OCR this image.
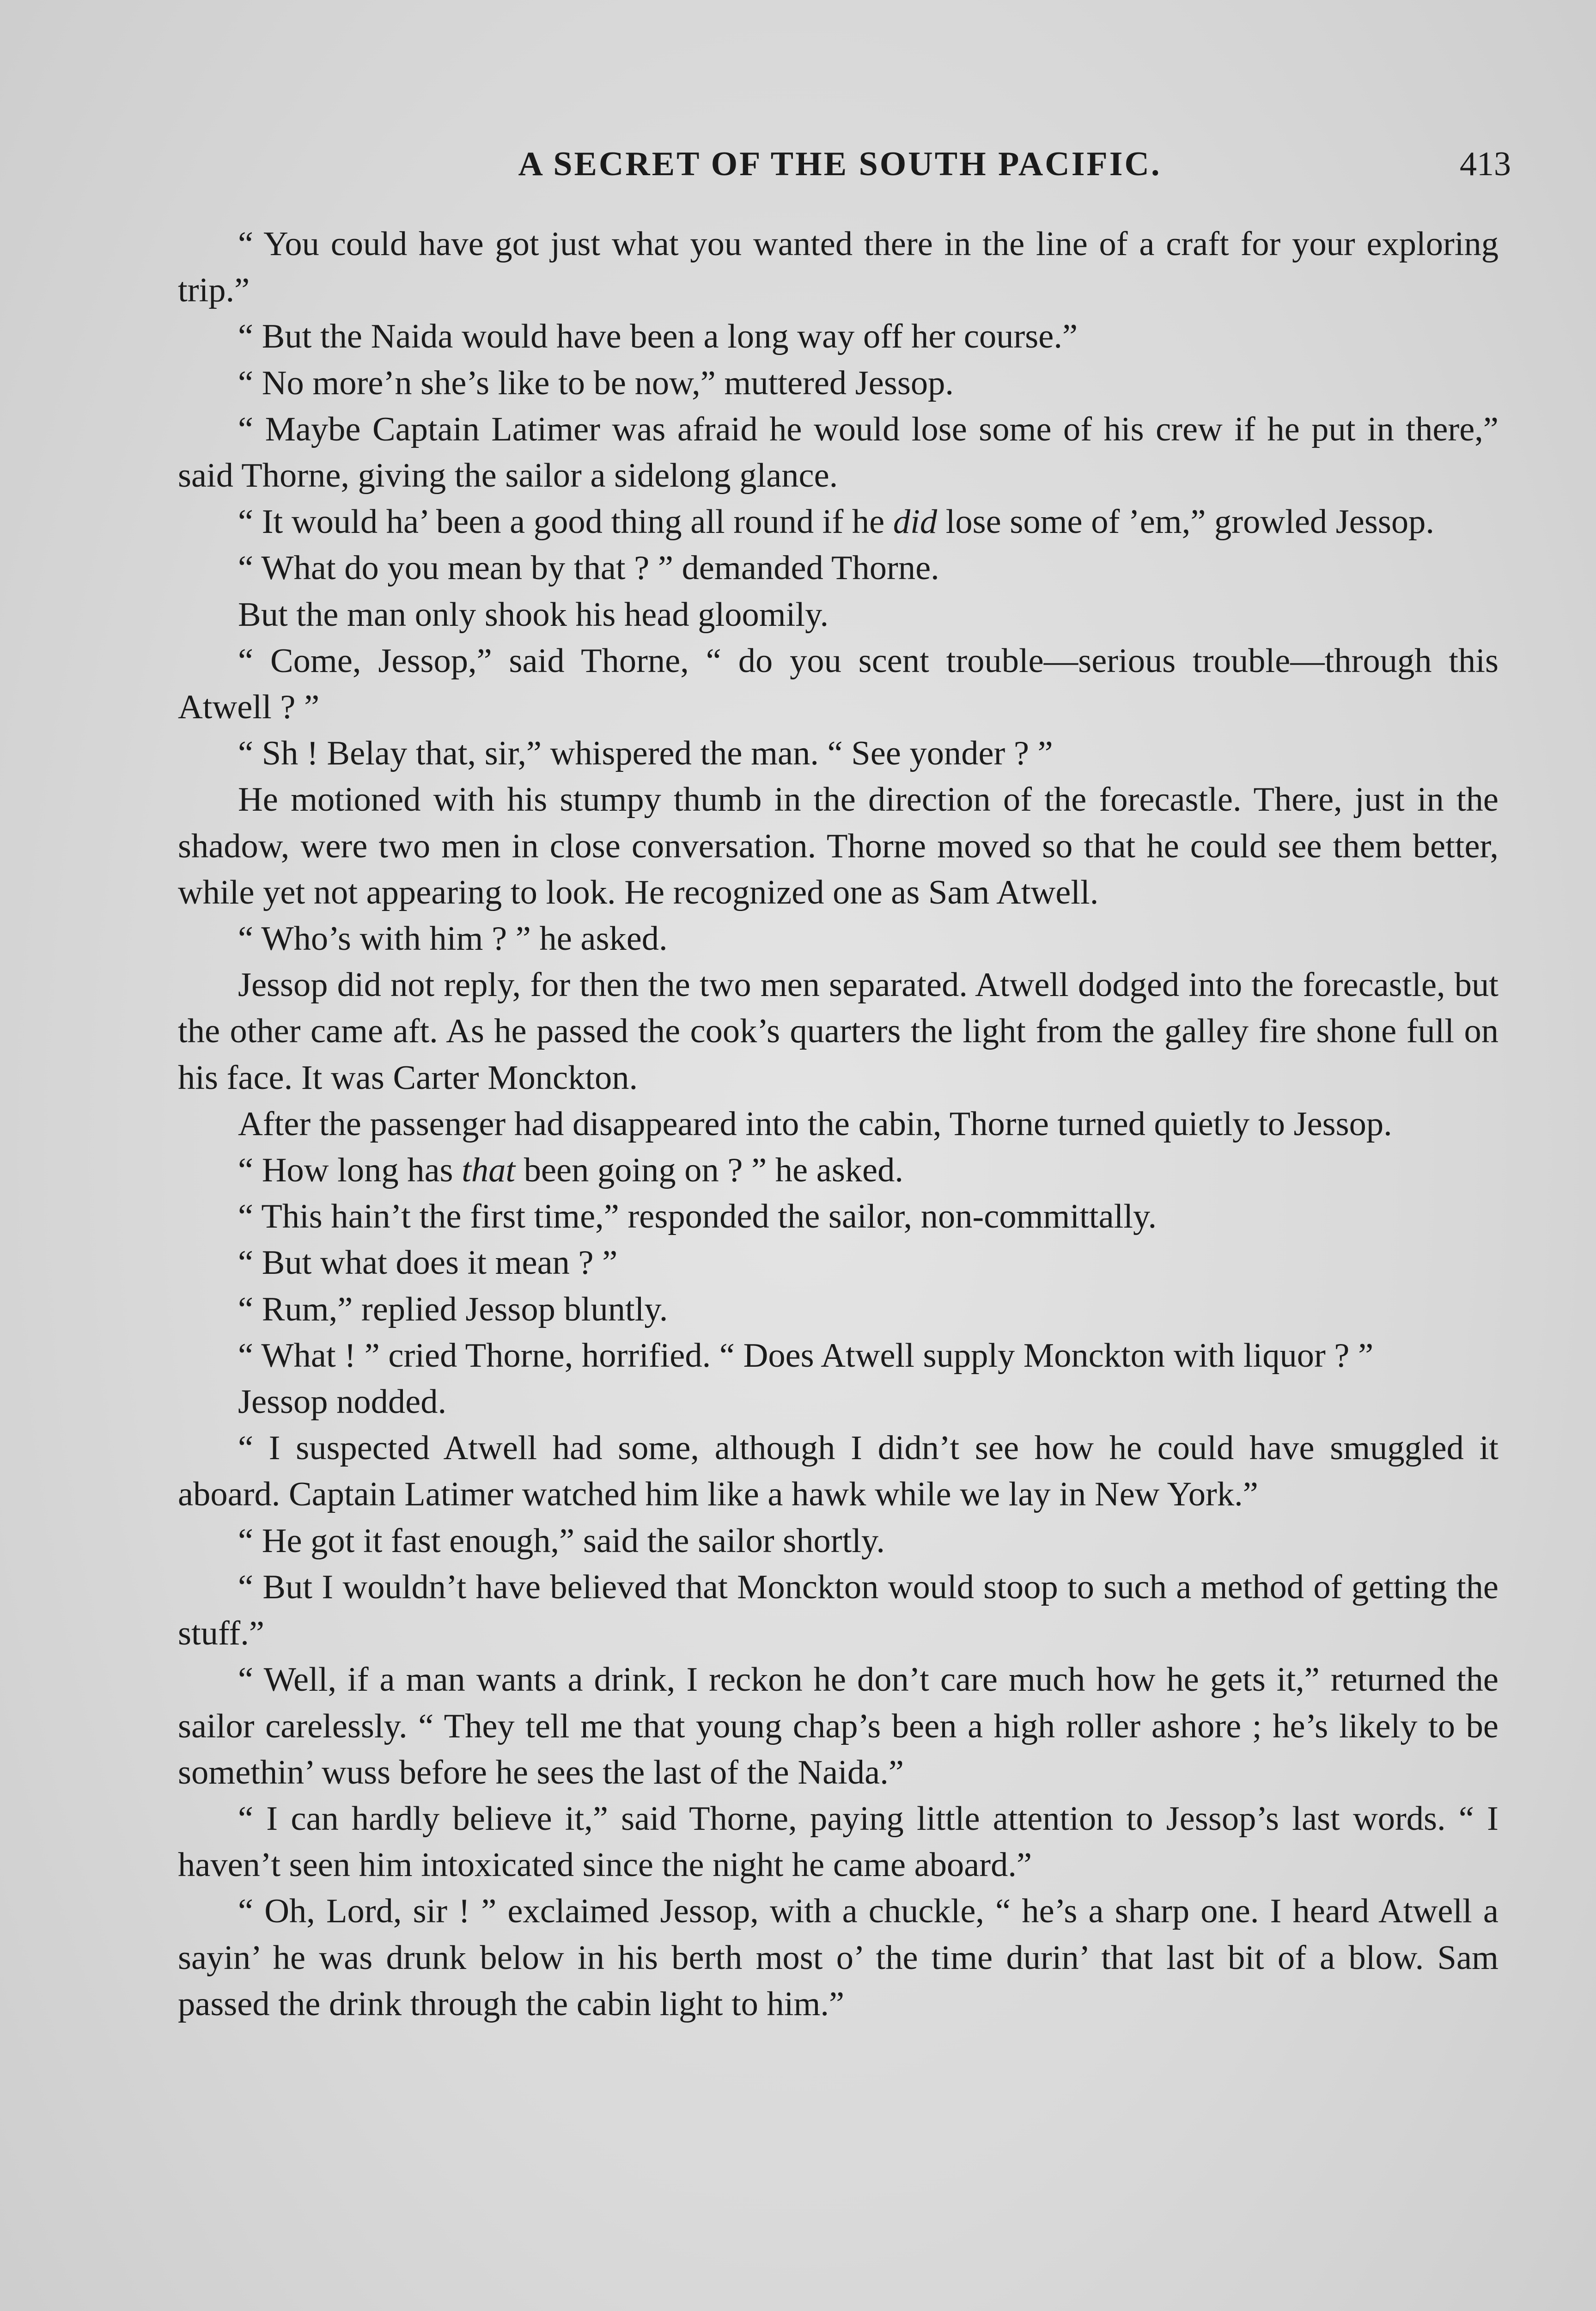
A SECRET OF THE SOUTH PACIFIC.	413

“ You could have got just what you wanted there in the line of a craft for your exploring trip.”

“ But the Naida would have been a long way off her course.”

“ No more’n she’s like to be now,” muttered Jessop.

“ Maybe Captain Latimer was afraid he would lose some of his crew if he put in there,” said Thorne, giving the sailor a sidelong glance.

“ It would ha’ been a good thing all round if he did lose some of ’em,” growled Jessop.

“ What do you mean by that ? ” demanded Thorne.

But the man only shook his head gloomily.

“ Come, Jessop,” said Thorne, “ do you scent trouble—serious trouble—through this Atwell ? ”

“ Sh ! Belay that, sir,” whispered the man. “ See yonder ? ”

He motioned with his stumpy thumb in the direction of the forecastle. There, just in the shadow, were two men in close conversation. Thorne moved so that he could see them better, while yet not appearing to look. He recognized one as Sam Atwell.

“ Who’s with him ? ” he asked.

Jessop did not reply, for then the two men separated. Atwell dodged into the forecastle, but the other came aft. As he passed the cook’s quarters the light from the galley fire shone full on his face. It was Carter Monckton.

After the passenger had disappeared into the cabin, Thorne turned quietly to Jessop.

“ How long has that been going on ? ” he asked.

“ This hain’t the first time,” responded the sailor, non-committally.

“ But what does it mean ? ”

“ Rum,” replied Jessop bluntly.

“ What ! ” cried Thorne, horrified. “ Does Atwell supply Monckton with liquor ? ”

Jessop nodded.

“ I suspected Atwell had some, although I didn’t see how he could have smuggled it aboard. Captain Latimer watched him like a hawk while we lay in New York.”

“ He got it fast enough,” said the sailor shortly.

“ But I wouldn’t have believed that Monckton would stoop to such a method of getting the stuff.”

“ Well, if a man wants a drink, I reckon he don’t care much how he gets it,” returned the sailor carelessly. “ They tell me that young chap’s been a high roller ashore ; he’s likely to be somethin’ wuss before he sees the last of the Naida.”

“ I can hardly believe it,” said Thorne, paying little attention to Jessop’s last words. “ I haven’t seen him intoxicated since the night he came aboard.”

“ Oh, Lord, sir ! ” exclaimed Jessop, with a chuckle, “ he’s a sharp one. I heard Atwell a sayin’ he was drunk below in his berth most o’ the time durin’ that last bit of a blow. Sam passed the drink through the cabin light to him.”
